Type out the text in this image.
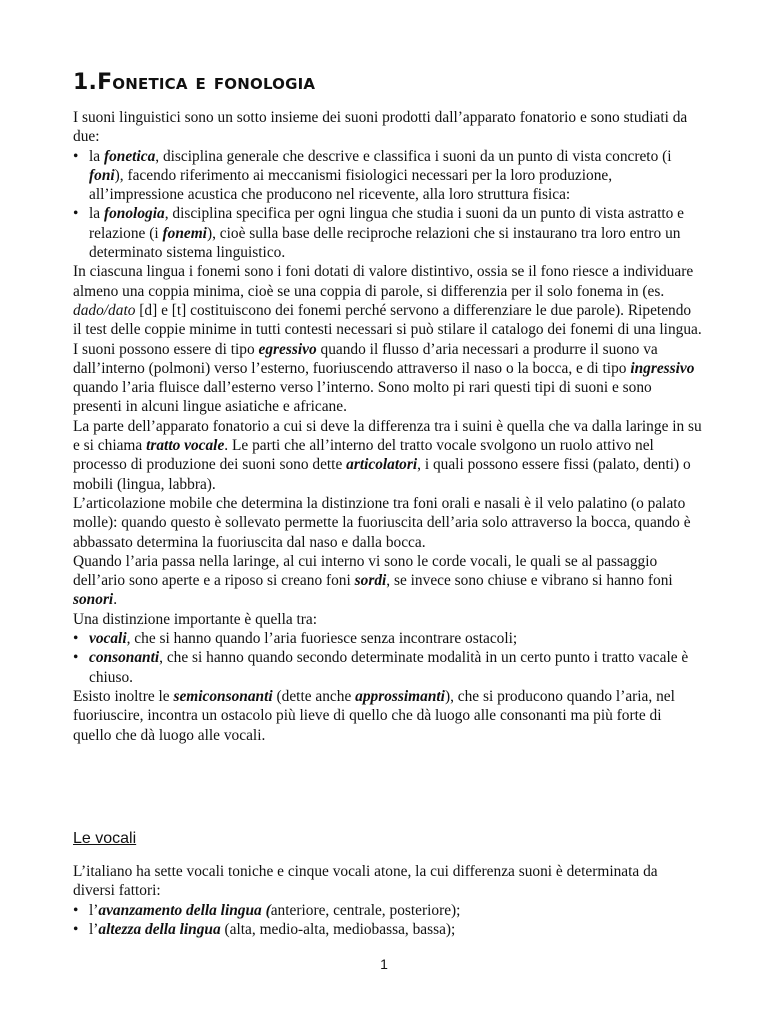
1.Fonetica e fonologia

I suoni linguistici sono un sotto insieme dei suoni prodotti dall’apparato fonatorio e sono studiati da due:

• la fonetica, disciplina generale che descrive e classifica i suoni da un punto di vista concreto (i foni), facendo riferimento ai meccanismi fisiologici necessari per la loro produzione, all’impressione acustica che producono nel ricevente, alla loro struttura fisica:
• la fonologia, disciplina specifica per ogni lingua che studia i suoni da un punto di vista astratto e relazione (i fonemi), cioè sulla base delle reciproche relazioni che si instaurano tra loro entro un determinato sistema linguistico.

In ciascuna lingua i fonemi sono i foni dotati di valore distintivo, ossia se il fono riesce a individuare almeno una coppia minima, cioè se una coppia di parole, si differenzia per il solo fonema in (es. dado/dato [d] e [t] costituiscono dei fonemi perché servono a differenziare le due parole). Ripetendo il test delle coppie minime in tutti contesti necessari si può stilare il catalogo dei fonemi di una lingua.

I suoni possono essere di tipo egressivo quando il flusso d’aria necessari a produrre il suono va dall’interno (polmoni) verso l’esterno, fuoriuscendo attraverso il naso o la bocca, e di tipo ingressivo quando l’aria fluisce dall’esterno verso l’interno. Sono molto pi rari questi tipi di suoni e sono presenti in alcuni lingue asiatiche e africane.

La parte dell’apparato fonatorio a cui si deve la differenza tra i suini è quella che va dalla laringe in su e si chiama tratto vocale. Le parti che all’interno del tratto vocale svolgono un ruolo attivo nel processo di produzione dei suoni sono dette articolatori, i quali possono essere fissi (palato, denti) o mobili (lingua, labbra).

L’articolazione mobile che determina la distinzione tra foni orali e nasali è il velo palatino (o palato molle): quando questo è sollevato permette la fuoriuscita dell’aria solo attraverso la bocca, quando è abbassato determina la fuoriuscita dal naso e dalla bocca.

Quando l’aria passa nella laringe, al cui interno vi sono le corde vocali, le quali se al passaggio dell’ario sono aperte e a riposo si creano foni sordi, se invece sono chiuse e vibrano si hanno foni sonori.

Una distinzione importante è quella tra:

• vocali, che si hanno quando l’aria fuoriesce senza incontrare ostacoli;
• consonanti, che si hanno quando secondo determinate modalità in un certo punto i tratto vacale è chiuso.

Esisto inoltre le semiconsonanti (dette anche approssimanti), che si producono quando l’aria, nel fuoriuscire, incontra un ostacolo più lieve di quello che dà luogo alle consonanti ma più forte di quello che dà luogo alle vocali.

Le vocali

L’italiano ha sette vocali toniche e cinque vocali atone, la cui differenza suoni è determinata da diversi fattori:

• l’avanzamento della lingua (anteriore, centrale, posteriore);
• l’altezza della lingua (alta, medio-alta, mediobassa, bassa);
1
